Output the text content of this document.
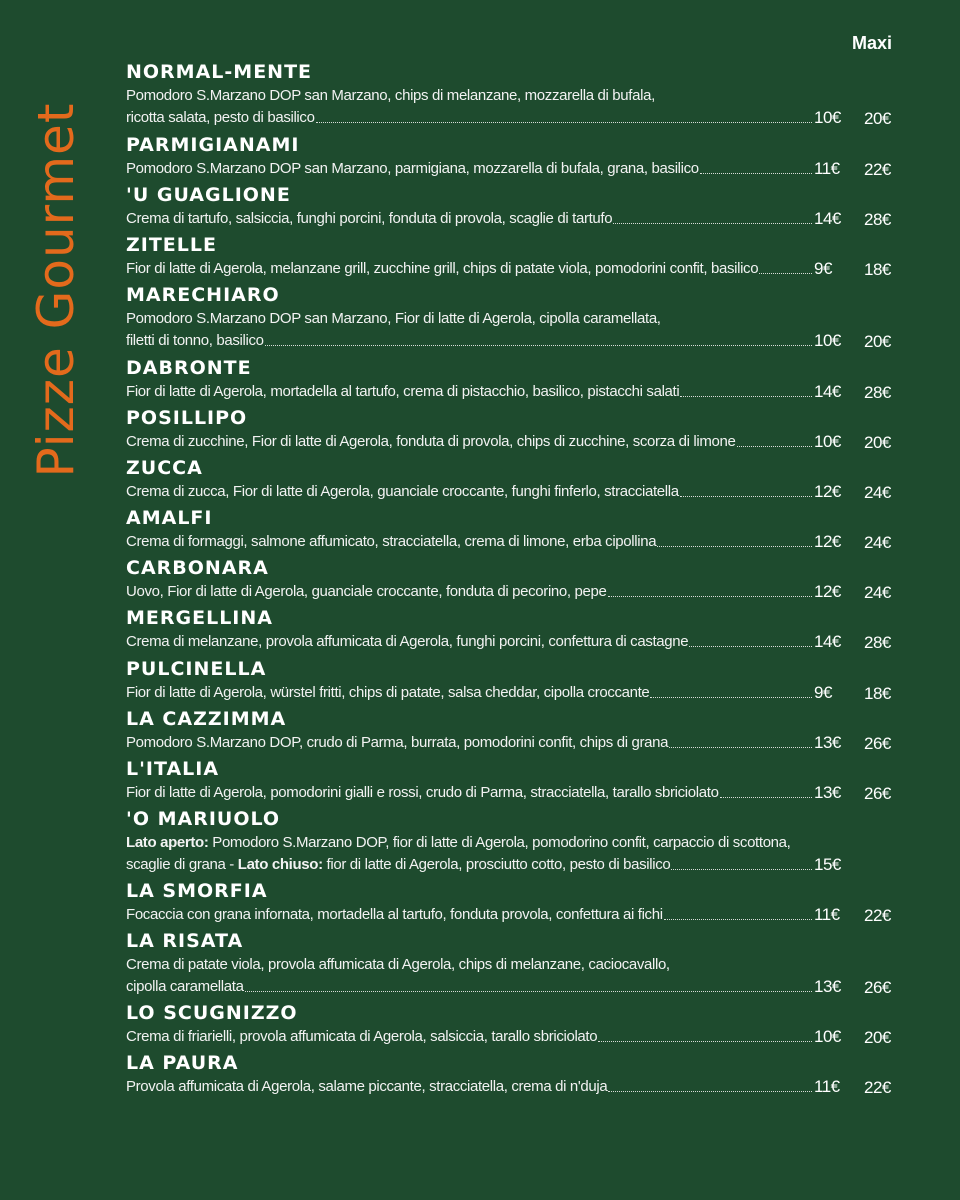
Pizze Gourmet
Maxi
NORMAL-MENTE
Pomodoro S.Marzano DOP san Marzano, chips di melanzane, mozzarella di bufala,
ricotta salata, pesto di basilico	10€	20€
PARMIGIANAMI
Pomodoro S.Marzano DOP san Marzano, parmigiana, mozzarella di bufala, grana, basilico	11€	22€
'U GUAGLIONE
Crema di tartufo, salsiccia, funghi porcini, fonduta di provola, scaglie di tartufo	14€	28€
ZITELLE
Fior di latte di Agerola, melanzane grill, zucchine grill, chips di patate viola, pomodorini confit, basilico	9€	18€
MARECHIARO
Pomodoro S.Marzano DOP san Marzano, Fior di latte di Agerola, cipolla caramellata,
filetti di tonno, basilico	10€	20€
DABRONTE
Fior di latte di Agerola, mortadella al tartufo, crema di pistacchio, basilico, pistacchi salati	14€	28€
POSILLIPO
Crema di zucchine, Fior di latte di Agerola, fonduta di provola, chips di zucchine, scorza di limone	10€	20€
ZUCCA
Crema di zucca, Fior di latte di Agerola, guanciale croccante, funghi finferlo, stracciatella	12€	24€
AMALFI
Crema di formaggi, salmone affumicato, stracciatella, crema di limone, erba cipollina	12€	24€
CARBONARA
Uovo, Fior di latte di Agerola, guanciale croccante, fonduta di pecorino, pepe	12€	24€
MERGELLINA
Crema di melanzane, provola affumicata di Agerola, funghi porcini, confettura di castagne	14€	28€
PULCINELLA
Fior di latte di Agerola, würstel fritti, chips di patate, salsa cheddar, cipolla croccante	9€	18€
LA CAZZIMMA
Pomodoro S.Marzano DOP, crudo di Parma, burrata, pomodorini confit, chips di grana	13€	26€
L'ITALIA
Fior di latte di Agerola, pomodorini gialli e rossi, crudo di Parma, stracciatella, tarallo sbriciolato	13€	26€
'O MARIUOLO
Lato aperto: Pomodoro S.Marzano DOP, fior di latte di Agerola, pomodorino confit, carpaccio di scottona,
scaglie di grana - Lato chiuso: fior di latte di Agerola, prosciutto cotto, pesto di basilico	15€
LA SMORFIA
Focaccia con grana infornata, mortadella al tartufo, fonduta provola, confettura ai fichi	11€	22€
LA RISATA
Crema di patate viola, provola affumicata di Agerola, chips di melanzane, caciocavallo,
cipolla caramellata	13€	26€
LO SCUGNIZZO
Crema di friarielli, provola affumicata di Agerola, salsiccia, tarallo sbriciolato	10€	20€
LA PAURA
Provola affumicata di Agerola, salame piccante, stracciatella, crema di n'duja	11€	22€
